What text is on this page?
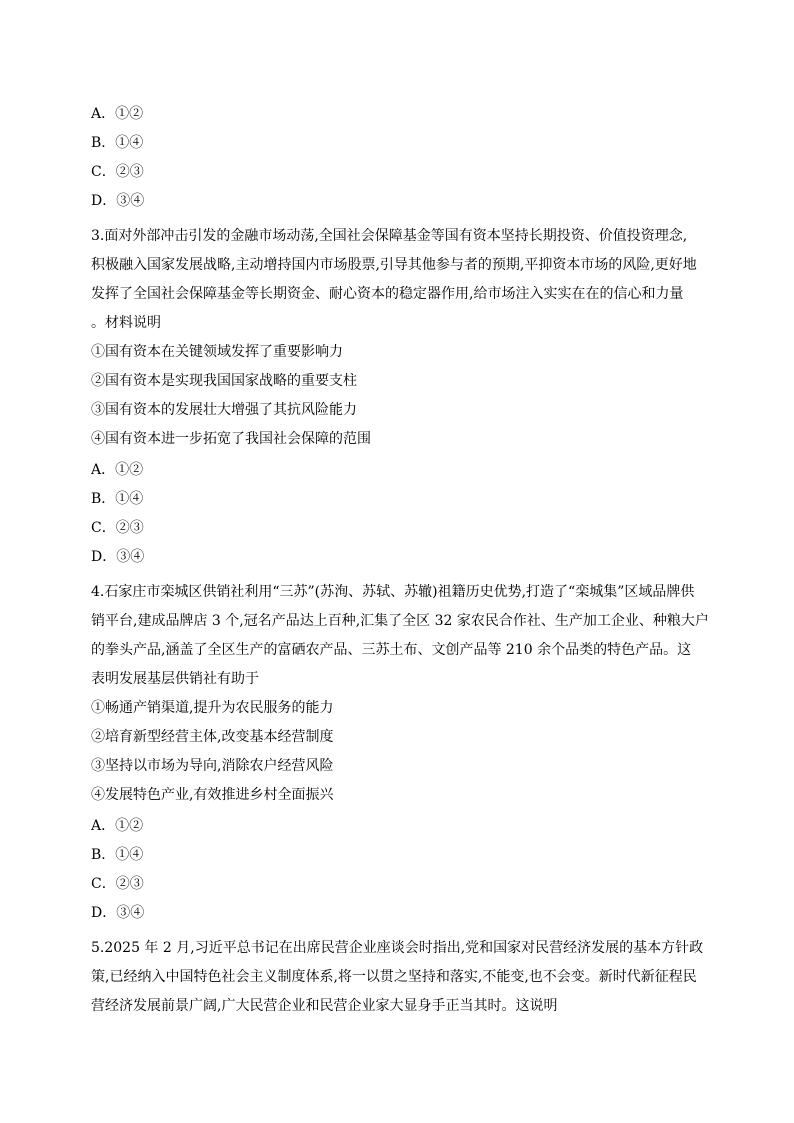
A．①②
B．①④
C．②③
D．③④
3.面对外部冲击引发的金融市场动荡,全国社会保障基金等国有资本坚持长期投资、价值投资理念,
积极融入国家发展战略,主动增持国内市场股票,引导其他参与者的预期,平抑资本市场的风险,更好地
发挥了全国社会保障基金等长期资金、耐心资本的稳定器作用,给市场注入实实在在的信心和力量
。材料说明
①国有资本在关键领域发挥了重要影响力
②国有资本是实现我国国家战略的重要支柱
③国有资本的发展壮大增强了其抗风险能力
④国有资本进一步拓宽了我国社会保障的范围
A．①②
B．①④
C．②③
D．③④
4.石家庄市栾城区供销社利用“三苏”(苏洵、苏轼、苏辙)祖籍历史优势,打造了“栾城集”区域品牌供
销平台,建成品牌店 3 个,冠名产品达上百种,汇集了全区 32 家农民合作社、生产加工企业、种粮大户
的拳头产品,涵盖了全区生产的富硒农产品、三苏土布、文创产品等 210 余个品类的特色产品。这
表明发展基层供销社有助于
①畅通产销渠道,提升为农民服务的能力
②培育新型经营主体,改变基本经营制度
③坚持以市场为导向,消除农户经营风险
④发展特色产业,有效推进乡村全面振兴
A．①②
B．①④
C．②③
D．③④
5.2025 年 2 月,习近平总书记在出席民营企业座谈会时指出,党和国家对民营经济发展的基本方针政
策,已经纳入中国特色社会主义制度体系,将一以贯之坚持和落实,不能变,也不会变。新时代新征程民
营经济发展前景广阔,广大民营企业和民营企业家大显身手正当其时。这说明
